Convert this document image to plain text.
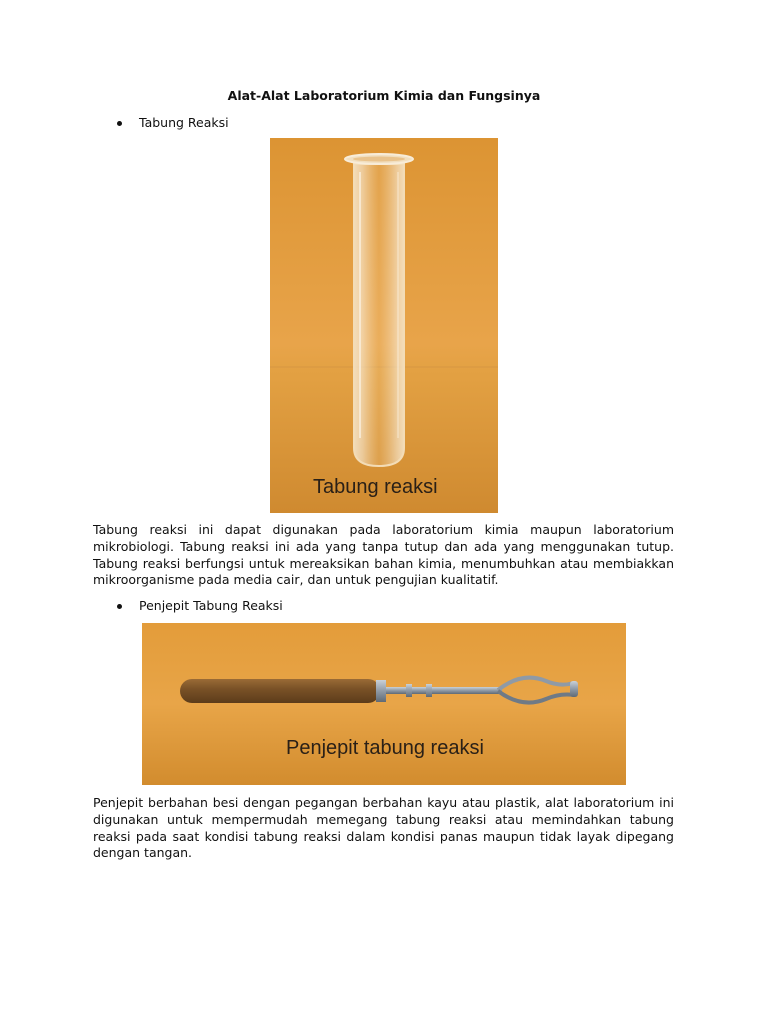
Alat-Alat Laboratorium Kimia dan Fungsinya
Tabung Reaksi
Tabung reaksi
Tabung reaksi ini dapat digunakan pada laboratorium kimia maupun laboratorium mikrobiologi. Tabung reaksi ini ada yang tanpa tutup dan ada yang menggunakan tutup. Tabung reaksi berfungsi untuk mereaksikan bahan kimia, menumbuhkan atau membiakkan mikroorganisme pada media cair, dan untuk pengujian kualitatif.
Penjepit Tabung Reaksi
Penjepit tabung reaksi
Penjepit berbahan besi dengan pegangan berbahan kayu atau plastik, alat laboratorium ini digunakan untuk mempermudah memegang tabung reaksi atau memindahkan tabung reaksi pada saat kondisi tabung reaksi dalam kondisi panas maupun tidak layak dipegang dengan tangan.
